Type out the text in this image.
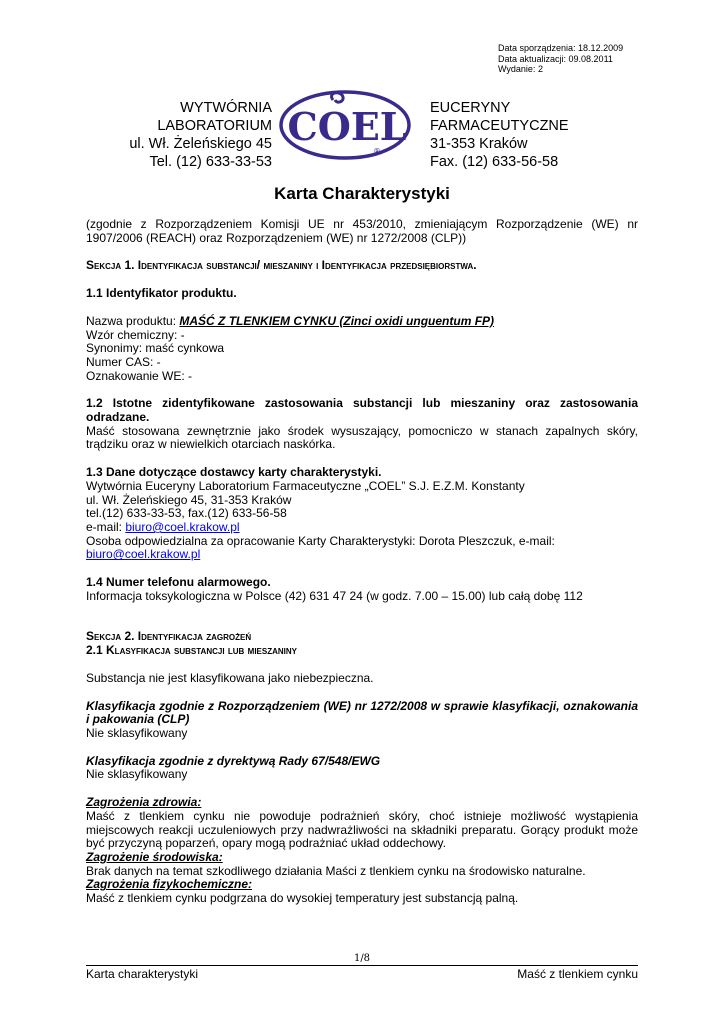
Data sporządzenia: 18.12.2009
Data aktualizacji: 09.08.2011
Wydanie: 2
WYTWÓRNIA
LABORATORIUM
ul. Wł. Żeleńskiego 45
Tel. (12) 633-33-53
COEL
®
EUCERYNY
FARMACEUTYCZNE
31-353 Kraków
Fax. (12) 633-56-58
Karta Charakterystyki

(zgodnie z Rozporządzeniem Komisji UE nr 453/2010, zmieniającym Rozporządzenie (WE) nr 1907/2006 (REACH) oraz Rozporządzeniem (WE) nr 1272/2008 (CLP))

Sekcja 1. Identyfikacja substancji/ mieszaniny i Identyfikacja przedsiębiorstwa.

1.1 Identyfikator produktu.

Nazwa produktu: MAŚĆ Z TLENKIEM CYNKU (Zinci oxidi unguentum FP)

Wzór chemiczny: -

Synonimy: maść cynkowa

Numer CAS: -

Oznakowanie WE: -

1.2 Istotne zidentyfikowane zastosowania substancji lub mieszaniny oraz zastosowania odradzane.

Maść stosowana zewnętrznie jako środek wysuszający, pomocniczo w stanach zapalnych skóry, trądziku oraz w niewielkich otarciach naskórka.

1.3 Dane dotyczące dostawcy karty charakterystyki.

Wytwórnia Euceryny Laboratorium Farmaceutyczne „COEL” S.J. E.Z.M. Konstanty

ul. Wł. Żeleńskiego 45, 31-353 Kraków

tel.(12) 633-33-53, fax.(12) 633-56-58

e-mail: biuro@coel.krakow.pl

Osoba odpowiedzialna za opracowanie Karty Charakterystyki: Dorota Pleszczuk, e-mail:

biuro@coel.krakow.pl

1.4 Numer telefonu alarmowego.

Informacja toksykologiczna w Polsce (42) 631 47 24 (w godz. 7.00 – 15.00) lub całą dobę 112

Sekcja 2. Identyfikacja zagrożeń

2.1 Klasyfikacja substancji lub mieszaniny

Substancja nie jest klasyfikowana jako niebezpieczna.

Klasyfikacja zgodnie z Rozporządzeniem (WE) nr 1272/2008 w sprawie klasyfikacji, oznakowania i pakowania (CLP)

Nie sklasyfikowany

Klasyfikacja zgodnie z dyrektywą Rady 67/548/EWG

Nie sklasyfikowany

Zagrożenia zdrowia:

Maść z tlenkiem cynku nie powoduje podrażnień skóry, choć istnieje możliwość wystąpienia miejscowych reakcji uczuleniowych przy nadwrażliwości na składniki preparatu. Gorący produkt może być przyczyną poparzeń, opary mogą podrażniać układ oddechowy.

Zagrożenie środowiska:

Brak danych na temat szkodliwego działania Maści z tlenkiem cynku na środowisko naturalne.

Zagrożenia fizykochemiczne:

Maść z tlenkiem cynku podgrzana do wysokiej temperatury jest substancją palną.

1/8
Karta charakterystyki	Maść z tlenkiem cynku
